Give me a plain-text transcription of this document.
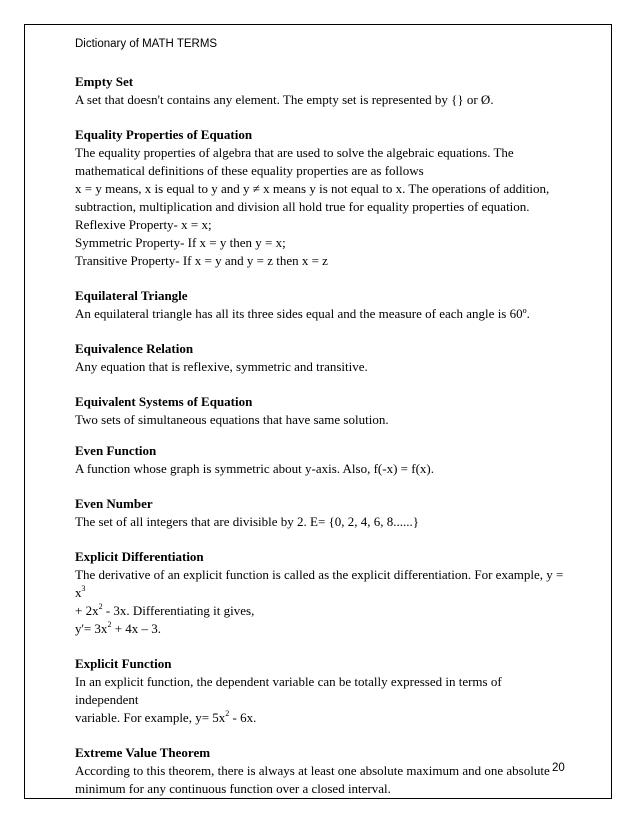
Dictionary of MATH TERMS
Empty Set
A set that doesn't contains any element. The empty set is represented by {} or Ø.
Equality Properties of Equation
The equality properties of algebra that are used to solve the algebraic equations. The
mathematical definitions of these equality properties are as follows
x = y means, x is equal to y and y ≠ x means y is not equal to x. The operations of addition,
subtraction, multiplication and division all hold true for equality properties of equation.
Reflexive Property- x = x;
Symmetric Property- If x = y then y = x;
Transitive Property- If x = y and y = z then x = z
Equilateral Triangle
An equilateral triangle has all its three sides equal and the measure of each angle is 60º.
Equivalence Relation
Any equation that is reflexive, symmetric and transitive.
Equivalent Systems of Equation
Two sets of simultaneous equations that have same solution.
Even Function
A function whose graph is symmetric about y-axis. Also, f(-x) = f(x).
Even Number
The set of all integers that are divisible by 2. E= {0, 2, 4, 6, 8......}
Explicit Differentiation
The derivative of an explicit function is called as the explicit differentiation. For example, $y = x^3$
+ $2x^2 - 3x$. Differentiating it gives,
$y'= 3x^2 + 4x - 3$.
Explicit Function
In an explicit function, the dependent variable can be totally expressed in terms of independent
variable. For example, $y= 5x^2 - 6x$.
Extreme Value Theorem
According to this theorem, there is always at least one absolute maximum and one absolute
minimum for any continuous function over a closed interval.
20
